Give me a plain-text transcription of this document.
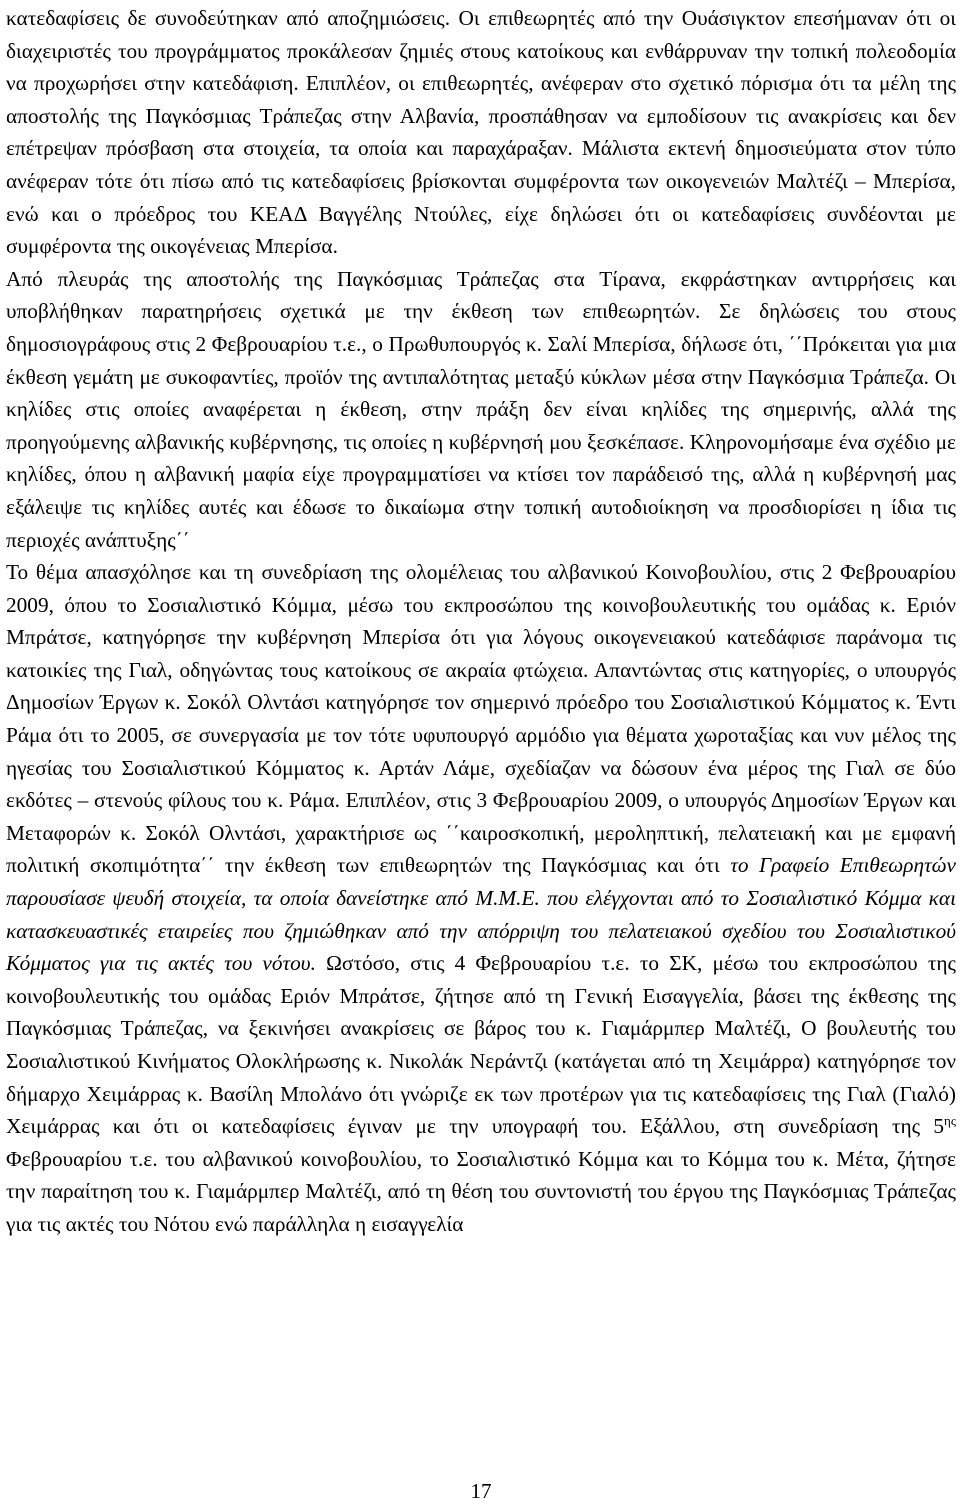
κατεδαφίσεις δε συνοδεύτηκαν από αποζημιώσεις. Οι επιθεωρητές από την Ουάσιγκτον επεσήμαναν ότι οι διαχειριστές του προγράμματος προκάλεσαν ζημιές στους κατοίκους και ενθάρρυναν την τοπική πολεοδομία να προχωρήσει στην κατεδάφιση. Επιπλέον, οι επιθεωρητές, ανέφεραν στο σχετικό πόρισμα ότι τα μέλη της αποστολής της Παγκόσμιας Τράπεζας στην Αλβανία, προσπάθησαν να εμποδίσουν τις ανακρίσεις και δεν επέτρεψαν πρόσβαση στα στοιχεία, τα οποία και παραχάραξαν. Μάλιστα εκτενή δημοσιεύματα στον τύπο ανέφεραν τότε ότι πίσω από τις κατεδαφίσεις βρίσκονται συμφέροντα των οικογενειών Μαλτέζι – Μπερίσα, ενώ και ο πρόεδρος του ΚΕΑΔ Βαγγέλης Ντούλες, είχε δηλώσει ότι οι κατεδαφίσεις συνδέονται με συμφέροντα της οικογένειας Μπερίσα.

Από πλευράς της αποστολής της Παγκόσμιας Τράπεζας στα Τίρανα, εκφράστηκαν αντιρρήσεις και υποβλήθηκαν παρατηρήσεις σχετικά με την έκθεση των επιθεωρητών. Σε δηλώσεις του στους δημοσιογράφους στις 2 Φεβρουαρίου τ.ε., ο Πρωθυπουργός κ. Σαλί Μπερίσα, δήλωσε ότι, ΄΄Πρόκειται για μια έκθεση γεμάτη με συκοφαντίες, προϊόν της αντιπαλότητας μεταξύ κύκλων μέσα στην Παγκόσμια Τράπεζα. Οι κηλίδες στις οποίες αναφέρεται η έκθεση, στην πράξη δεν είναι κηλίδες της σημερινής, αλλά της προηγούμενης αλβανικής κυβέρνησης, τις οποίες η κυβέρνησή μου ξεσκέπασε. Κληρονομήσαμε ένα σχέδιο με κηλίδες, όπου η αλβανική μαφία είχε προγραμματίσει να κτίσει τον παράδεισό της, αλλά η κυβέρνησή μας εξάλειψε τις κηλίδες αυτές και έδωσε το δικαίωμα στην τοπική αυτοδιοίκηση να προσδιορίσει η ίδια τις περιοχές ανάπτυξης΄΄

Το θέμα απασχόλησε και τη συνεδρίαση της ολομέλειας του αλβανικού Κοινοβουλίου, στις 2 Φεβρουαρίου 2009, όπου το Σοσιαλιστικό Κόμμα, μέσω του εκπροσώπου της κοινοβουλευτικής του ομάδας κ. Εριόν Μπράτσε, κατηγόρησε την κυβέρνηση Μπερίσα ότι για λόγους οικογενειακού κατεδάφισε παράνομα τις κατοικίες της Γιαλ, οδηγώντας τους κατοίκους σε ακραία φτώχεια. Απαντώντας στις κατηγορίες, ο υπουργός Δημοσίων Έργων κ. Σοκόλ Ολντάσι κατηγόρησε τον σημερινό πρόεδρο του Σοσιαλιστικού Κόμματος κ. Έντι Ράμα ότι το 2005, σε συνεργασία με τον τότε υφυπουργό αρμόδιο για θέματα χωροταξίας και νυν μέλος της ηγεσίας του Σοσιαλιστικού Κόμματος κ. Αρτάν Λάμε, σχεδίαζαν να δώσουν ένα μέρος της Γιαλ σε δύο εκδότες – στενούς φίλους του κ. Ράμα. Επιπλέον, στις 3 Φεβρουαρίου 2009, ο υπουργός Δημοσίων Έργων και Μεταφορών κ. Σοκόλ Ολντάσι, χαρακτήρισε ως ΄΄καιροσκοπική, μεροληπτική, πελατειακή και με εμφανή πολιτική σκοπιμότητα΄΄ την έκθεση των επιθεωρητών της Παγκόσμιας και ότι το Γραφείο Επιθεωρητών παρουσίασε ψευδή στοιχεία, τα οποία δανείστηκε από Μ.Μ.Ε. που ελέγχονται από το Σοσιαλιστικό Κόμμα και κατασκευαστικές εταιρείες που ζημιώθηκαν από την απόρριψη του πελατειακού σχεδίου του Σοσιαλιστικού Κόμματος για τις ακτές του νότου. Ωστόσο, στις 4 Φεβρουαρίου τ.ε. το ΣΚ, μέσω του εκπροσώπου της κοινοβουλευτικής του ομάδας Εριόν Μπράτσε, ζήτησε από τη Γενική Εισαγγελία, βάσει της έκθεσης της Παγκόσμιας Τράπεζας, να ξεκινήσει ανακρίσεις σε βάρος του κ. Γιαμάρμπερ Μαλτέζι, Ο βουλευτής του Σοσιαλιστικού Κινήματος Ολοκλήρωσης κ. Νικολάκ Νεράντζι (κατάγεται από τη Χειμάρρα) κατηγόρησε τον δήμαρχο Χειμάρρας κ. Βασίλη Μπολάνο ότι γνώριζε εκ των προτέρων για τις κατεδαφίσεις της Γιαλ (Γιαλό) Χειμάρρας και ότι οι κατεδαφίσεις έγιναν με την υπογραφή του. Εξάλλου, στη συνεδρίαση της $5^{\eta\varsigma}$ Φεβρουαρίου τ.ε. του αλβανικού κοινοβουλίου, το Σοσιαλιστικό Κόμμα και το Κόμμα του κ. Μέτα, ζήτησε την παραίτηση του κ. Γιαμάρμπερ Μαλτέζι, από τη θέση του συντονιστή του έργου της Παγκόσμιας Τράπεζας για τις ακτές του Νότου ενώ παράλληλα η εισαγγελία

17
